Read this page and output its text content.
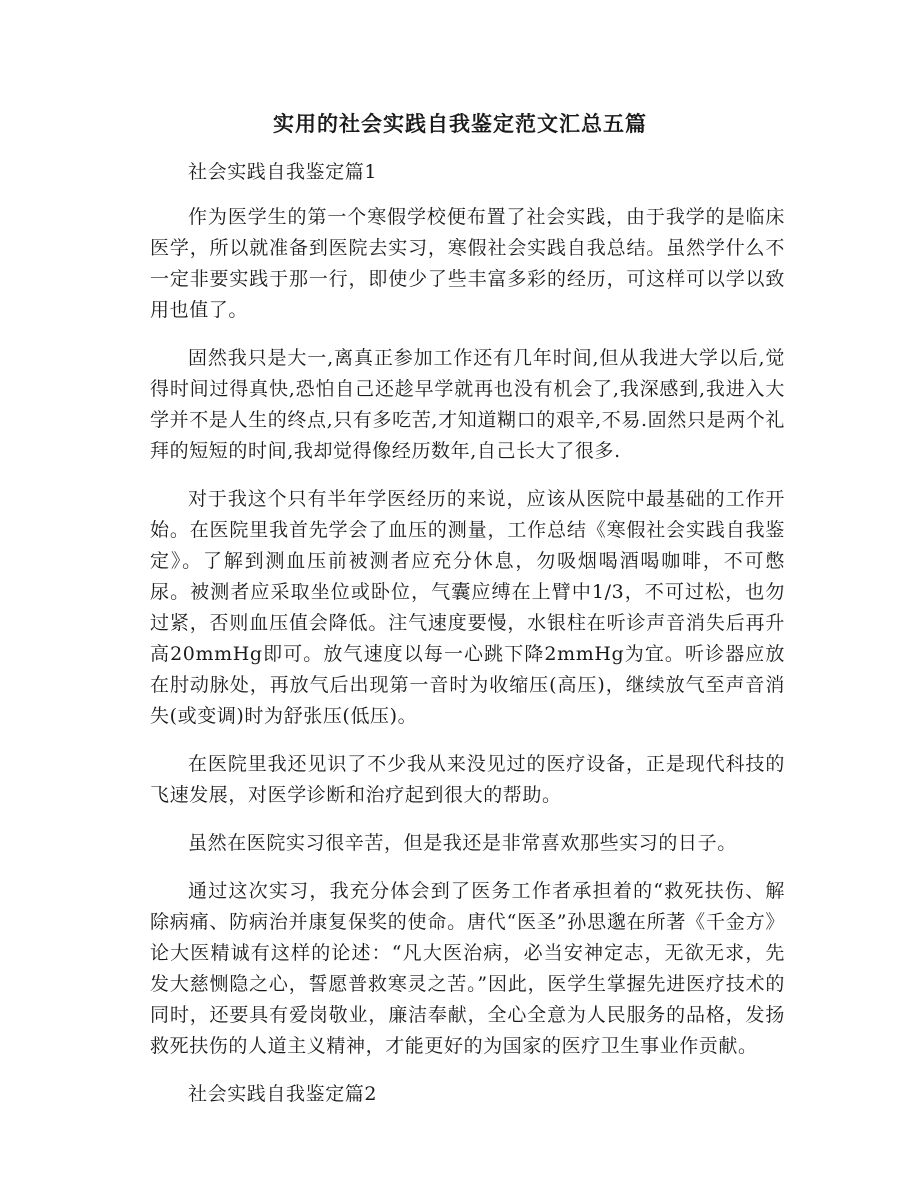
实用的社会实践自我鉴定范文汇总五篇

社会实践自我鉴定篇1

作为医学生的第一个寒假学校便布置了社会实践，由于我学的是临床医学，所以就准备到医院去实习，寒假社会实践自我总结。虽然学什么不一定非要实践于那一行，即使少了些丰富多彩的经历，可这样可以学以致用也值了。

固然我只是大一,离真正参加工作还有几年时间,但从我进大学以后,觉得时间过得真快,恐怕自己还趁早学就再也没有机会了,我深感到,我进入大学并不是人生的终点,只有多吃苦,才知道糊口的艰辛,不易.固然只是两个礼拜的短短的时间,我却觉得像经历数年,自己长大了很多.

对于我这个只有半年学医经历的来说，应该从医院中最基础的工作开始。在医院里我首先学会了血压的测量，工作总结《寒假社会实践自我鉴定》。了解到测血压前被测者应充分休息，勿吸烟喝酒喝咖啡，不可憋尿。被测者应采取坐位或卧位，气囊应缚在上臂中1/3，不可过松，也勿过紧，否则血压值会降低。注气速度要慢，水银柱在听诊声音消失后再升高20mmHg即可。放气速度以每一心跳下降2mmHg为宜。听诊器应放在肘动脉处，再放气后出现第一音时为收缩压(高压)，继续放气至声音消失(或变调)时为舒张压(低压)。

在医院里我还见识了不少我从来没见过的医疗设备，正是现代科技的飞速发展，对医学诊断和治疗起到很大的帮助。

虽然在医院实习很辛苦，但是我还是非常喜欢那些实习的日子。

通过这次实习，我充分体会到了医务工作者承担着的“救死扶伤、解除病痛、防病治并康复保奖的使命。唐代“医圣”孙思邈在所著《千金方》论大医精诚有这样的论述：“凡大医治病，必当安神定志，无欲无求，先发大慈恻隐之心，誓愿普救寒灵之苦。”因此，医学生掌握先进医疗技术的同时，还要具有爱岗敬业，廉洁奉献，全心全意为人民服务的品格，发扬救死扶伤的人道主义精神，才能更好的为国家的医疗卫生事业作贡献。

社会实践自我鉴定篇2
